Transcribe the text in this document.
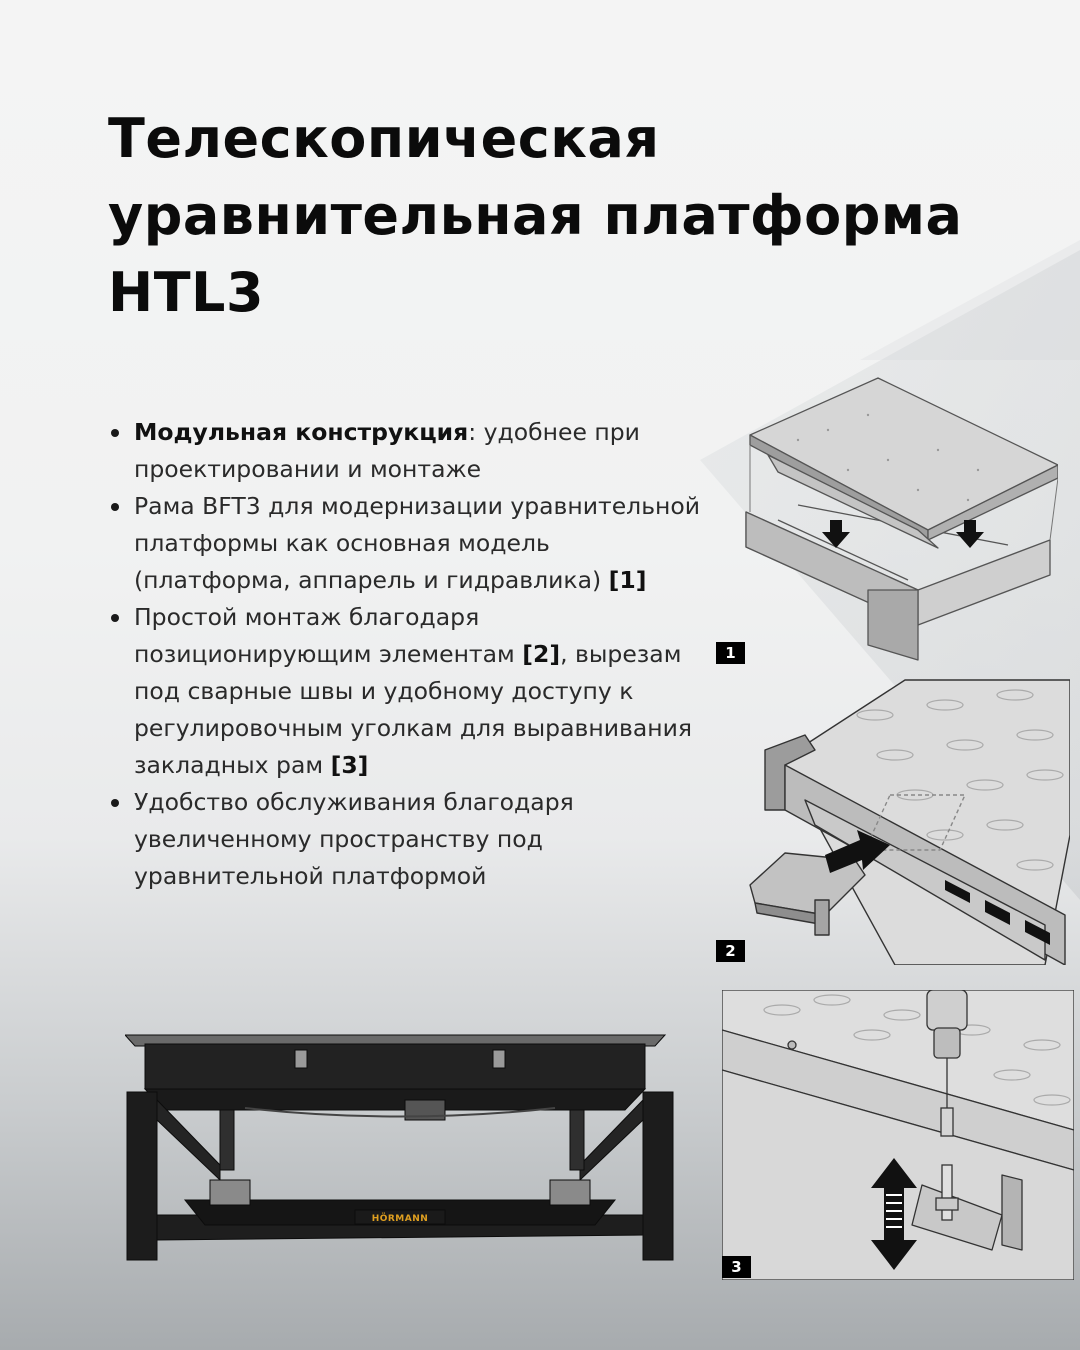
Телескопическая
уравнительная платформа
HTL3
Модульная конструкция: удобнее при проектировании и монтаже
Рама BFT3 для модернизации уравнительной платформы как основная модель (платформа, аппарель и гидравлика) [1]
Простой монтаж благодаря позиционирующим элементам [2], вырезам под сварные швы и удобному доступу к регулировочным уголкам для выравнивания закладных рам [3]
Удобство обслуживания благодаря увеличенному пространству под уравнительной платформой
1
2
3
HÖRMANN
